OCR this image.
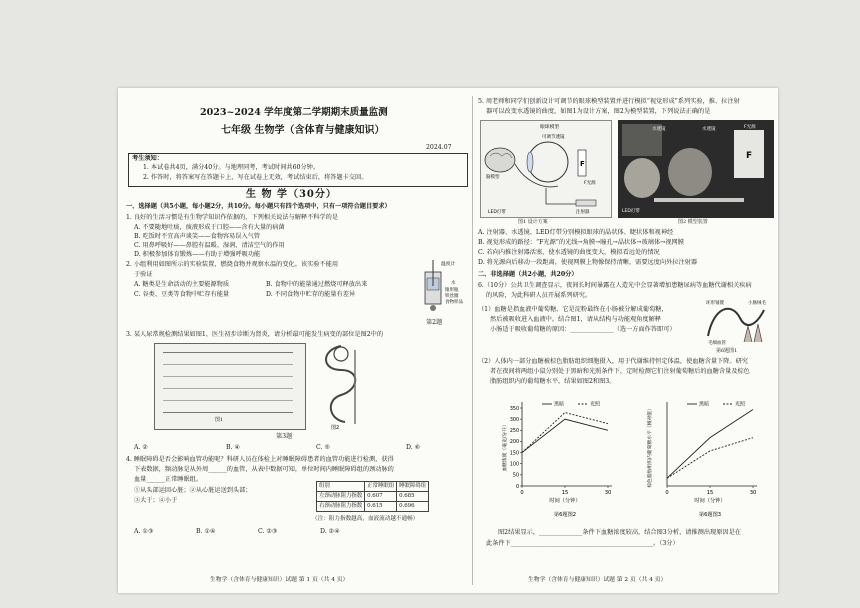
2023~2024 学年度第二学期期末质量监测
七年级 生物学（含体育与健康知识）
2024.07
考生须知：
1. 本试卷共4页，满分40分。与地理同考，考试时间共60分钟。
2. 作答时，将答案写在答题卡上，写在试卷上无效，考试结束后，将答题卡交回。
生 物 学（30分）
一、选择题（共5小题，每小题2分，共10分。每小题只有四个选项中，只有一项符合题目要求）
1. 良好的生活习惯是有生物学知识作依据的，下列相关说法与解释不科学的是
A. 不要随地吐痰，痰液形成于口腔——含有大量的病菌
B. 吃饭时不宜高声谈笑——食物容易误入气管
C. 用鼻呼吸好——鼻腔有温暖、湿润、清洁空气的作用
D. 积极参加体育锻炼——有助于增强呼吸功能
2. 小组利用如图所示的实验装置，燃烧食物并观察水温的变化。该实验不能用
于验证
A. 糖类是生命活动的主要能源物质	B. 食物中的能量通过燃烧可释放出来
C. 谷类、豆类等食物中贮存有能量	D. 不同食物中贮存的能量有差异
温度计
水
锥形瓶
铁丝圈
食物样品
第2题
3. 某人尿常规检测结果如图1，医生初步诊断为肾炎，请分析最可能发生病变的部位是图2中的
图1
图2
第3题
A. ②	B. ④	C. ⑤	D. ⑥
4. 睡眠障碍是否会影响血管功能呢？科研人员在体检上对睡眠障碍患者的血管功能进行检测，获得
下表数据，频动脉是从外周______的血管，从表中数据可知，单位时间内睡眠障碍组的颈动脉的
血量______正常睡眠组。
①从头部运回心脏；②从心脏运送到头部；
③大于；④小于
组别	正常睡眠组	睡眠障碍组
左颈动脉阻力指数	0.607	0.685
右颈动脉阻力指数	0.615	0.696
（注：阻力指数越高，血液流动越不通畅）
A. ①③	B. ①④	C. ②③	D. ②④
生物学（含体育与健康知识）试题 第 1 页（共 4 页）
5. 周老师和同学们创新设计可调节的眼球模型装置并进行模拟“视觉形成”系列实验，推、拉注射
器可以改变水透镜的曲度，如图1为设计方案，图2为模型装置，下列说法正确的是
F
眼球模型
可调节透镜
脑模型
F光源
注射器
LED灯带
F
水透镜	水透镜	F光源
LED灯带
图1 设计方案	图2 模型装置
A. 注射器、水透镜、LED灯带分别模拟眼球的晶状体、睫状体和视神经
B. 视觉形成的路径：“F光源”的光线→角膜→瞳孔→晶状体→玻璃体→视网膜
C. 若向内推注射器活塞，使水透镜的曲度变大，模拟看远处的情况
D. 将光源向后移动一段距离，使视网膜上物像保持清晰，需要远度向外拉注射器
二、非选择题（共2小题，共20分）
6.（10分）公共卫生调查显示，夜间长时间暴露在人造光中会显著增加患糖尿病等血糖代谢相关疾病
的风险，为此科研人员开展系列研究。
（1）血糖是指血液中葡萄糖，它是淀粉最终在小肠被分解成葡萄糖，
然后被吸收进入血液中。结合图1，请从结构与功能观角度解释
小肠适于吸收葡萄糖的原因：______________（选一方面作答即可）
环形皱襞	小肠绒毛
毛细血管
第6题图1
（2）人体内一部分血糖被棕色脂肪组织细胞摄入，用于代谢维持恒定体温，使血糖含量下降。研究
者在夜间将两组小鼠分别处于黑暗和光照条件下，定时检测它们注射葡萄糖后的血糖含量及棕色
脂肪组织内的葡萄糖水平，结果如图2和图3。
0	15	30
0
50
100
150
200
250
300
350
时间（分钟）
血糖浓度（毫克/分升）
黑暗	光照
第6题图2
0	15	30
时间（分钟）
棕色脂肪组织内葡萄糖水平（相对值）
黑暗	光照
第6题图3
图2结果显示，______________条件下血糖浓度较高，结合图3分析，请推测出现原因是在
此条件下______________________________________________。（3分）
生物学（含体育与健康知识）试题 第 2 页（共 4 页）
